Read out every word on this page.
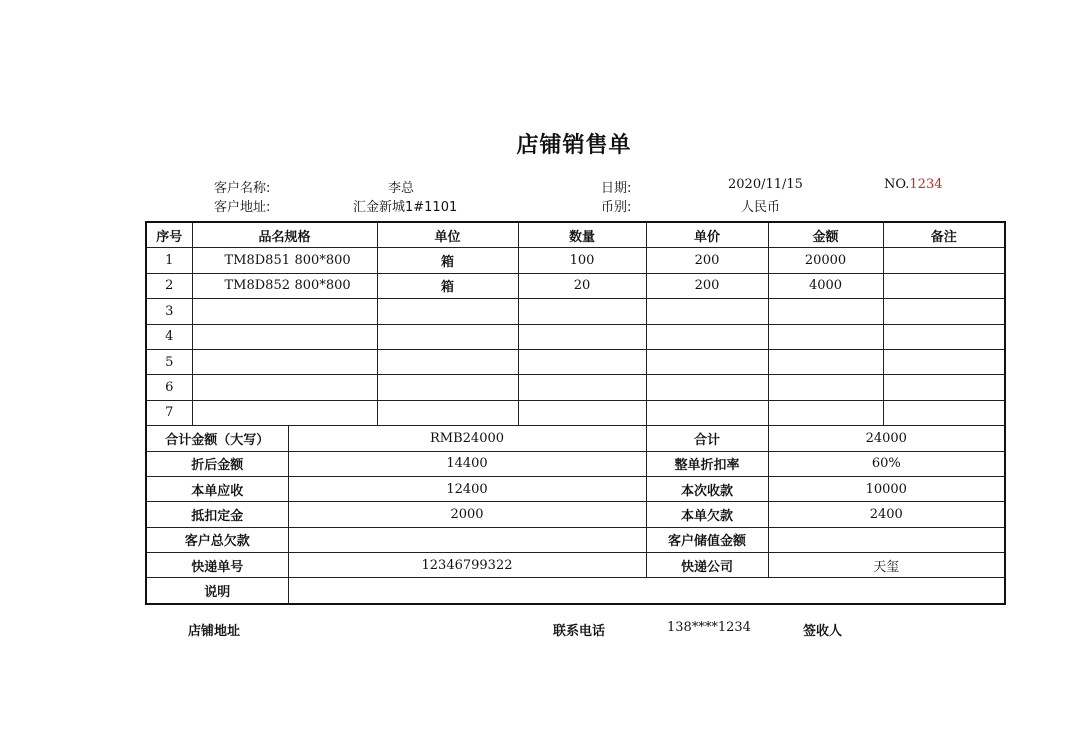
店铺销售单
客户名称:	李总	日期:	2020/11/15	NO.1234
客户地址:	汇金新城1#1101	币别:	人民币
序号	品名规格		单位	数量	单价	金额	备注
1	TM8D851 800*800		箱	100	200	20000	
2	TM8D852 800*800		箱	20	200	4000	
3							
4							
5							
6							
7							
合计金额（大写）		RMB24000			合计	24000	
折后金额		14400			整单折扣率	60%	
本单应收		12400			本次收款	10000	
抵扣定金		2000			本单欠款	2400	
客户总欠款					客户储值金额		
快递单号		12346799322			快递公司	天玺	
说明							
店铺地址	联系电话	138****1234	签收人
